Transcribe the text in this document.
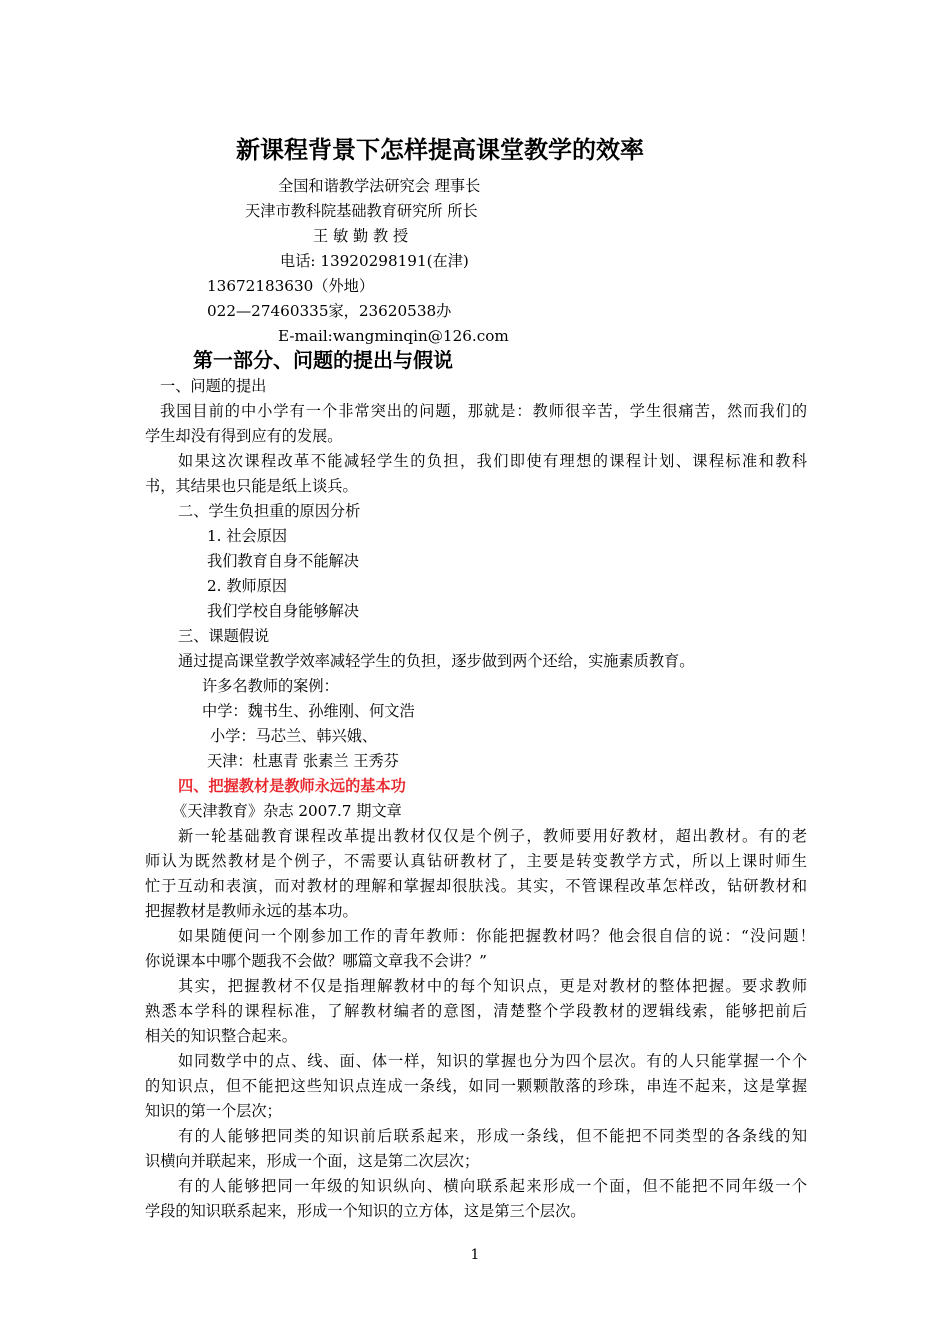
新课程背景下怎样提高课堂教学的效率
全国和谐教学法研究会 理事长
天津市教科院基础教育研究所 所长
王 敏 勤 教 授
电话: 13920298191(在津)
13672183630（外地）
022—27460335家，23620538办
E-mail:wangminqin@126.com
第一部分、问题的提出与假说
一、问题的提出
我国目前的中小学有一个非常突出的问题，那就是：教师很辛苦，学生很痛苦，然而我们的
学生却没有得到应有的发展。
如果这次课程改革不能减轻学生的负担，我们即使有理想的课程计划、课程标准和教科
书，其结果也只能是纸上谈兵。
二、学生负担重的原因分析
1. 社会原因
我们教育自身不能解决
2. 教师原因
我们学校自身能够解决
三、课题假说
通过提高课堂教学效率减轻学生的负担，逐步做到两个还给，实施素质教育。
许多名教师的案例：
中学：魏书生、孙维刚、何文浩
小学：马芯兰、韩兴娥、
天津：杜惠青 张素兰 王秀芬
四、把握教材是教师永远的基本功
《天津教育》杂志 2007.7 期文章
新一轮基础教育课程改革提出教材仅仅是个例子，教师要用好教材，超出教材。有的老
师认为既然教材是个例子，不需要认真钻研教材了，主要是转变教学方式，所以上课时师生
忙于互动和表演，而对教材的理解和掌握却很肤浅。其实，不管课程改革怎样改，钻研教材和
把握教材是教师永远的基本功。
如果随便问一个刚参加工作的青年教师：你能把握教材吗？他会很自信的说：“没问题！
你说课本中哪个题我不会做？哪篇文章我不会讲？”
其实，把握教材不仅是指理解教材中的每个知识点，更是对教材的整体把握。要求教师
熟悉本学科的课程标准，了解教材编者的意图，清楚整个学段教材的逻辑线索，能够把前后
相关的知识整合起来。
如同数学中的点、线、面、体一样，知识的掌握也分为四个层次。有的人只能掌握一个个
的知识点，但不能把这些知识点连成一条线，如同一颗颗散落的珍珠，串连不起来，这是掌握
知识的第一个层次；
有的人能够把同类的知识前后联系起来，形成一条线，但不能把不同类型的各条线的知
识横向并联起来，形成一个面，这是第二次层次；
有的人能够把同一年级的知识纵向、横向联系起来形成一个面，但不能把不同年级一个
学段的知识联系起来，形成一个知识的立方体，这是第三个层次。
1
